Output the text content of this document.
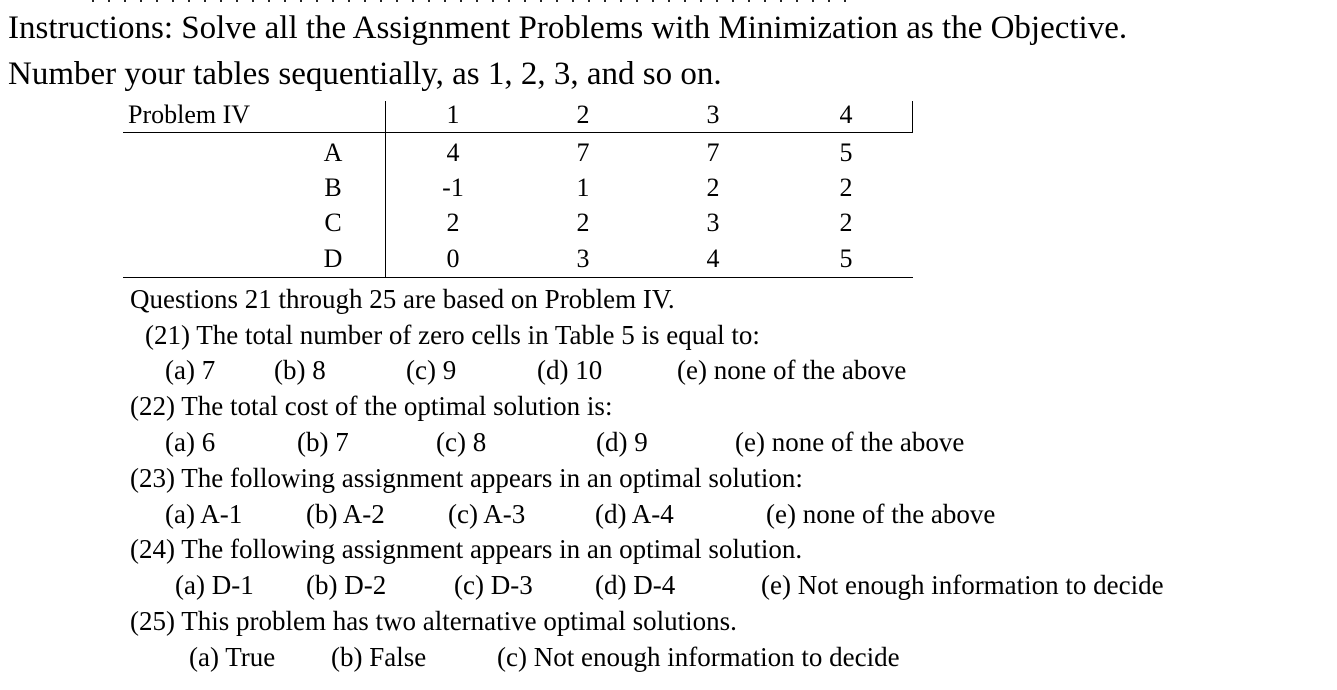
Instructions: Solve all the Assignment Problems with Minimization as the Objective.
Number your tables sequentially, as 1, 2, 3, and so on.
Problem IV	1	2	3	4
A	4	7	7	5
B	-1	1	2	2
C	2	2	3	2
D	0	3	4	5
Questions 21 through 25 are based on Problem IV.
(21) The total number of zero cells in Table 5 is equal to:
(a) 7 (b) 8	(c) 9	(d) 10	(e) none of the above
(22) The total cost of the optimal solution is:
(a) 6	(b) 7	(c) 8	(d) 9	(e) none of the above
(23) The following assignment appears in an optimal solution:
(a) A-1 (b) A-2 (c) A-3	(d) A-4	(e) none of the above
(24) The following assignment appears in an optimal solution.
(a) D-1 (b) D-2	(c) D-3 (d) D-4	(e) Not enough information to decide
(25) This problem has two alternative optimal solutions.
(a) True (b) False	(c) Not enough information to decide
